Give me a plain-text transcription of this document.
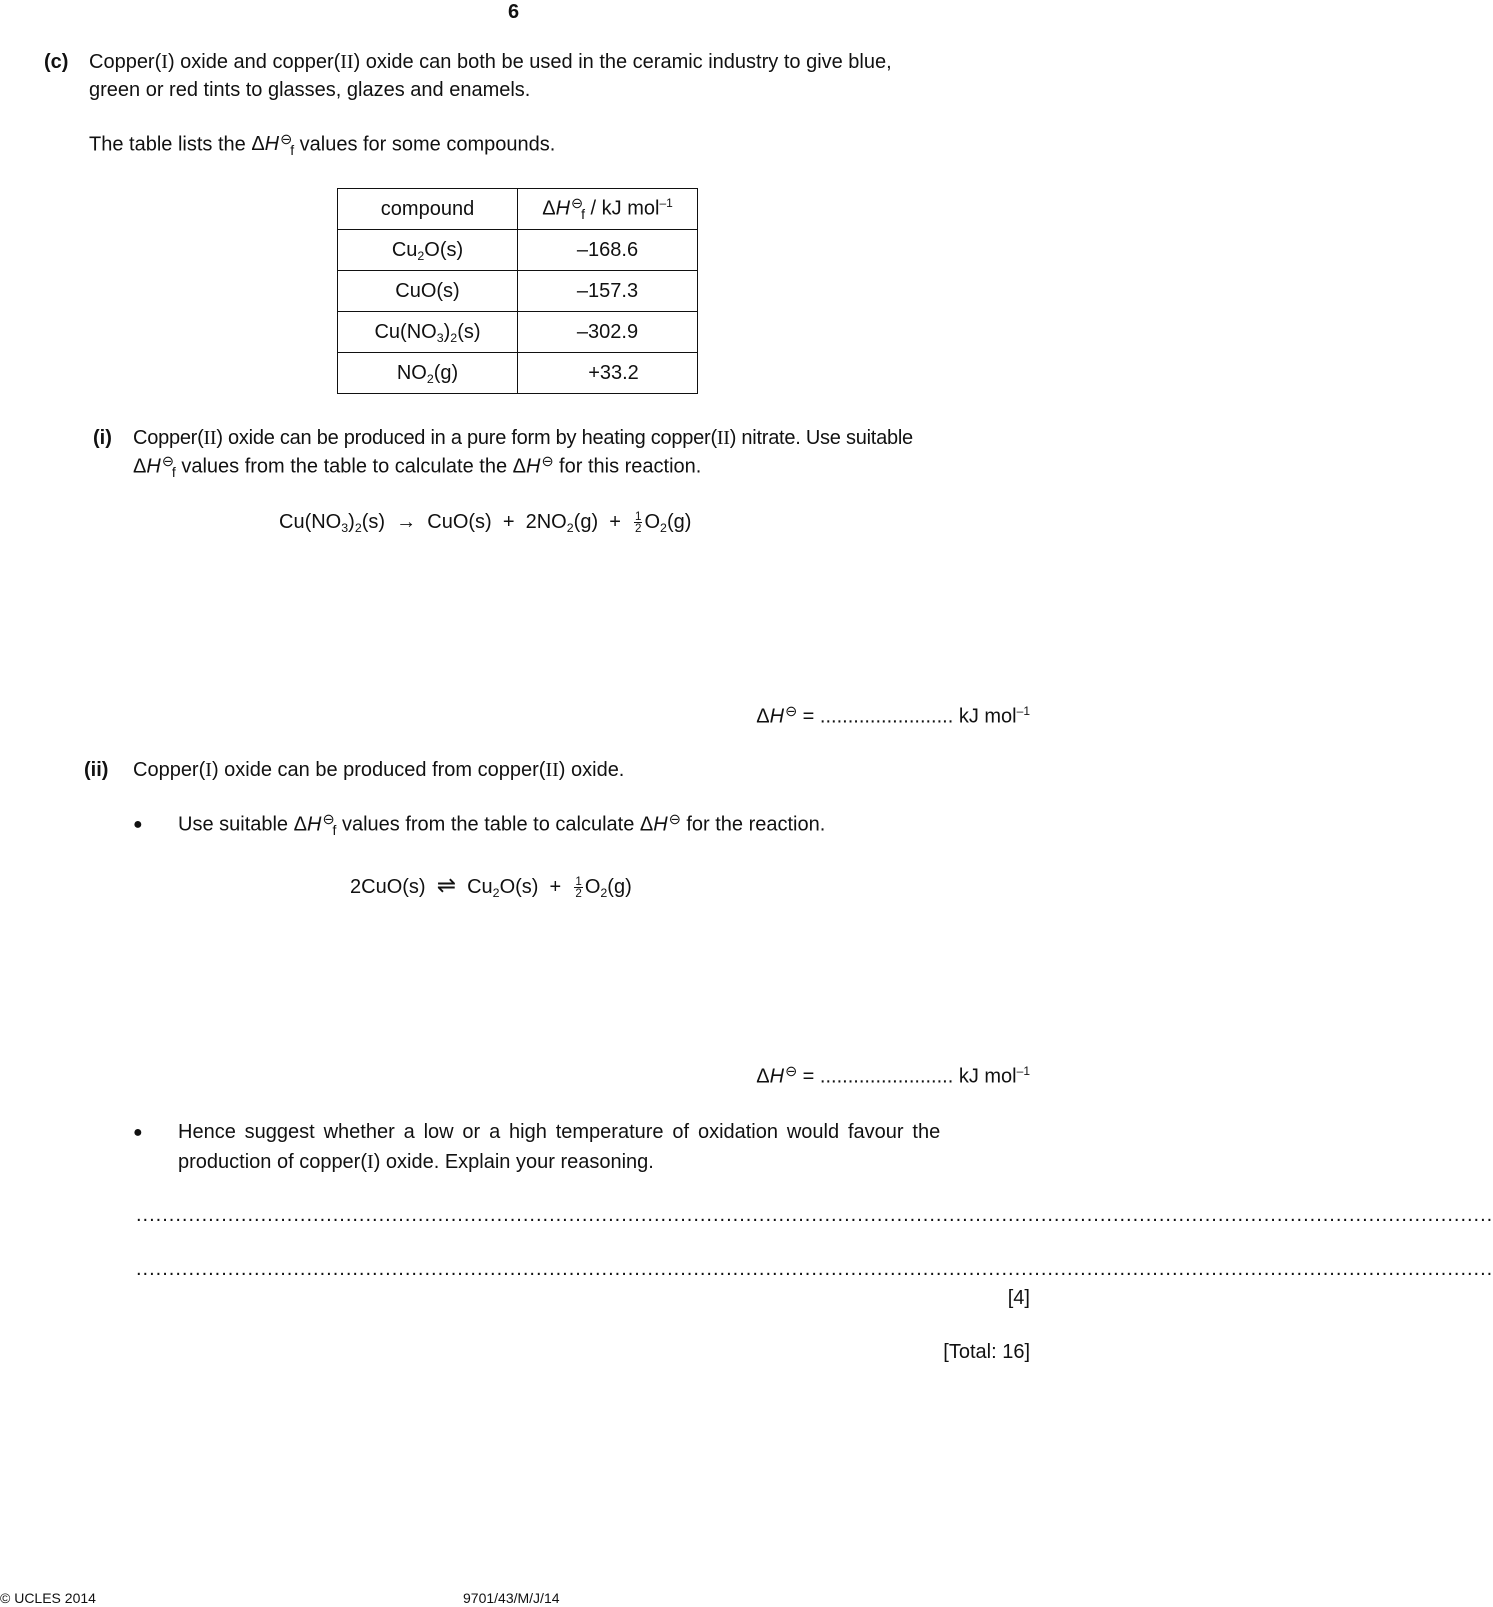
6
(c) Copper(I) oxide and copper(II) oxide can both be used in the ceramic industry to give blue,
green or red tints to glasses, glazes and enamels.
The table lists the $\Delta H^⊖_f$ values for some compounds.
compound	$\Delta H^⊖_f$ / kJ mol$^{-1}$
$Cu_2O(s)$	–168.6
CuO(s)	–157.3
$Cu(NO_3)_2(s)$	–302.9
$NO_2(g)$	+33.2
(i) Copper(II) oxide can be produced in a pure form by heating copper(II) nitrate. Use suitable
$\Delta H^⊖_f$ values from the table to calculate the ΔH⊖ for this reaction.
$Cu(NO_3)_2(s) \to CuO(s) + 2NO_2(g) + \frac{1}{2} O_2(g)$
ΔH⊖ = ........................ kJ mol$^{-1}$
(ii) Copper(I) oxide can be produced from copper(II) oxide.
● Use suitable $\Delta H^⊖_f$ values from the table to calculate ΔH⊖ for the reaction.
2CuO(s)  ⇌  $Cu_2O(s) + \frac{1}{2} O_2(g)$
ΔH⊖ = ........................ kJ mol$^{-1}$
● Hence suggest whether a low or a high temperature of oxidation would favour the
production of copper(I) oxide. Explain your reasoning.
...............................................................................................................................................................................................................
...............................................................................................................................................................................................................
[4]
[Total: 16]
© UCLES 2014	9701/43/M/J/14
